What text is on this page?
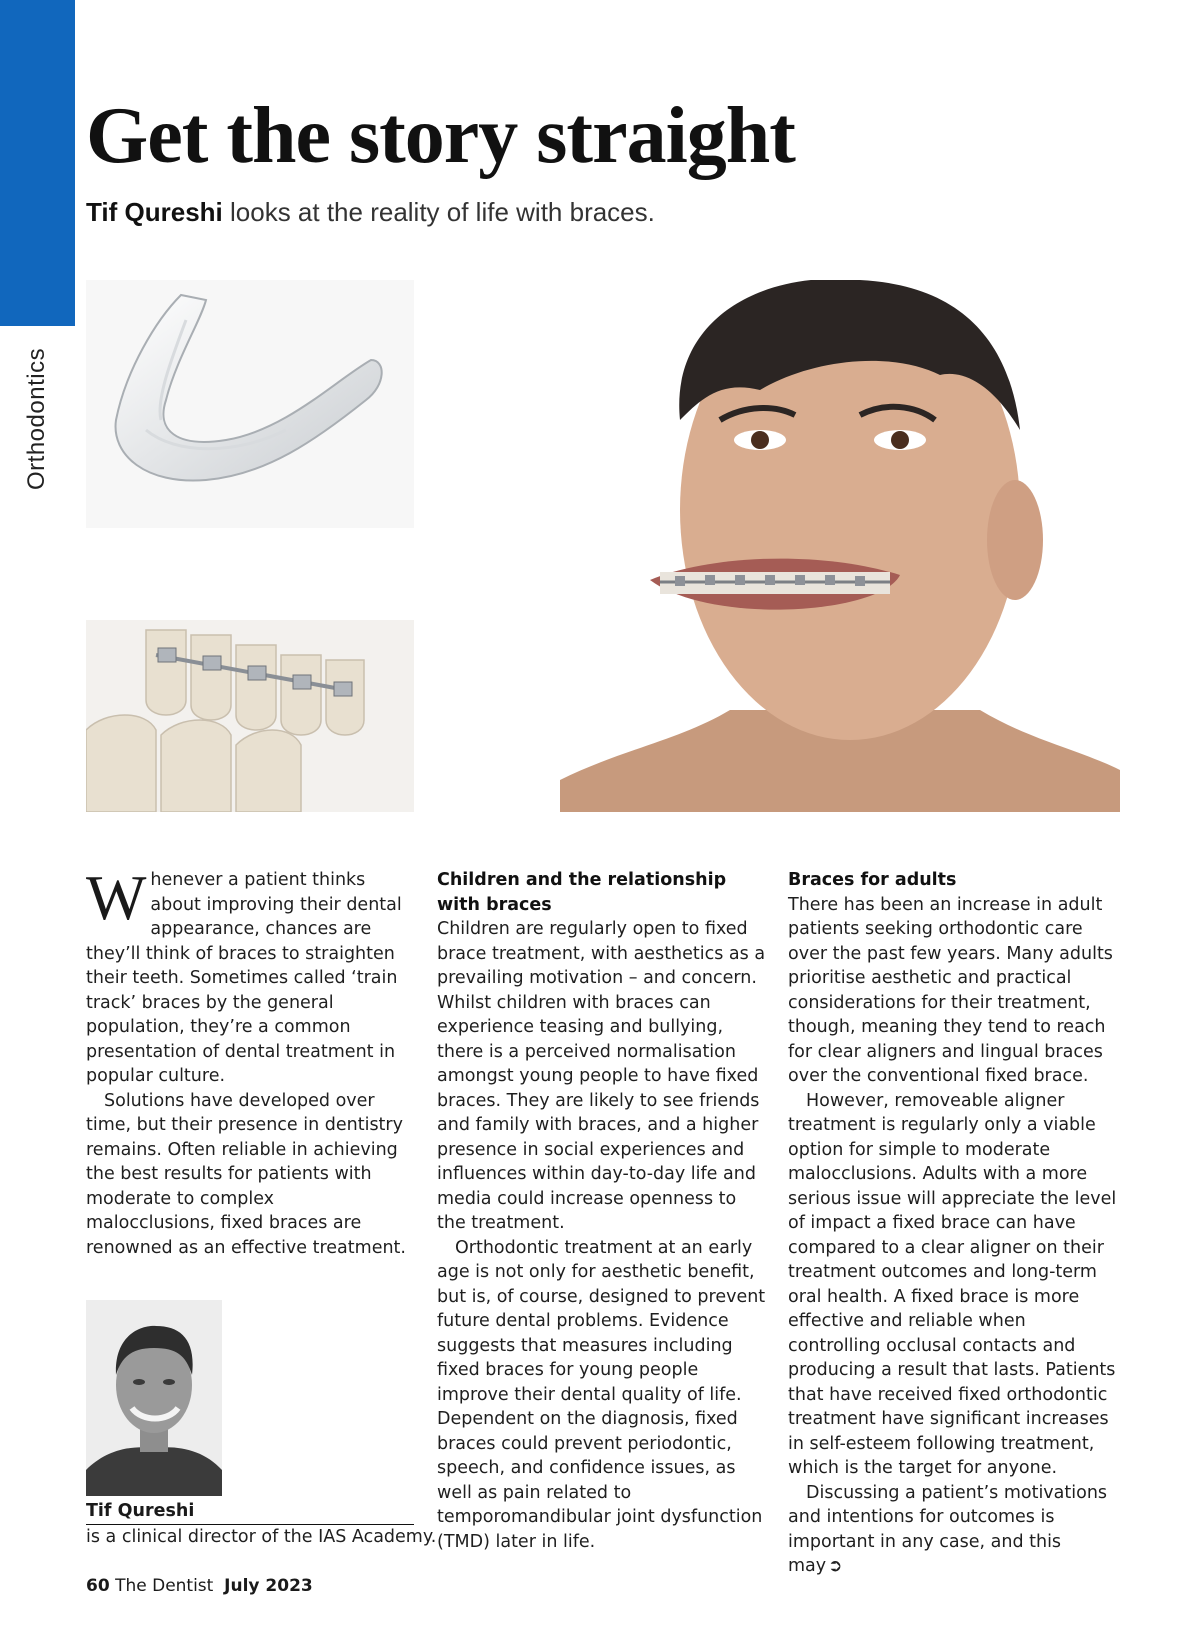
Orthodontics
Get the story straight
Tif Qureshi looks at the reality of life with braces.

Whenever a patient thinks about improving their dental appearance, chances are they’ll think of braces to straighten their teeth. Sometimes called ‘train track’ braces by the general population, they’re a common presentation of dental treatment in popular culture.

Solutions have developed over time, but their presence in dentistry remains. Often reliable in achieving the best results for patients with moderate to complex malocclusions, fixed braces are renowned as an effective treatment.

Tif Qureshi
is a clinical director of the IAS Academy.
Children and the relationship with braces

Children are regularly open to fixed brace treatment, with aesthetics as a prevailing motivation – and concern. Whilst children with braces can experience teasing and bullying, there is a perceived normalisation amongst young people to have fixed braces. They are likely to see friends and family with braces, and a higher presence in social experiences and influences within day-to-day life and media could increase openness to the treatment.

Orthodontic treatment at an early age is not only for aesthetic benefit, but is, of course, designed to prevent future dental problems. Evidence suggests that measures including fixed braces for young people improve their dental quality of life. Dependent on the diagnosis, fixed braces could prevent periodontic, speech, and confidence issues, as well as pain related to temporomandibular joint dysfunction (TMD) later in life.

Braces for adults

There has been an increase in adult patients seeking orthodontic care over the past few years. Many adults prioritise aesthetic and practical considerations for their treatment, though, meaning they tend to reach for clear aligners and lingual braces over the conventional fixed brace.

However, removeable aligner treatment is regularly only a viable option for simple to moderate malocclusions. Adults with a more serious issue will appreciate the level of impact a fixed brace can have compared to a clear aligner on their treatment outcomes and long-term oral health. A fixed brace is more effective and reliable when controlling occlusal contacts and producing a result that lasts. Patients that have received fixed orthodontic treatment have significant increases in self-esteem following treatment, which is the target for anyone.

Discussing a patient’s motivations and intentions for outcomes is important in any case, and this may ➲

60 The Dentist July 2023
